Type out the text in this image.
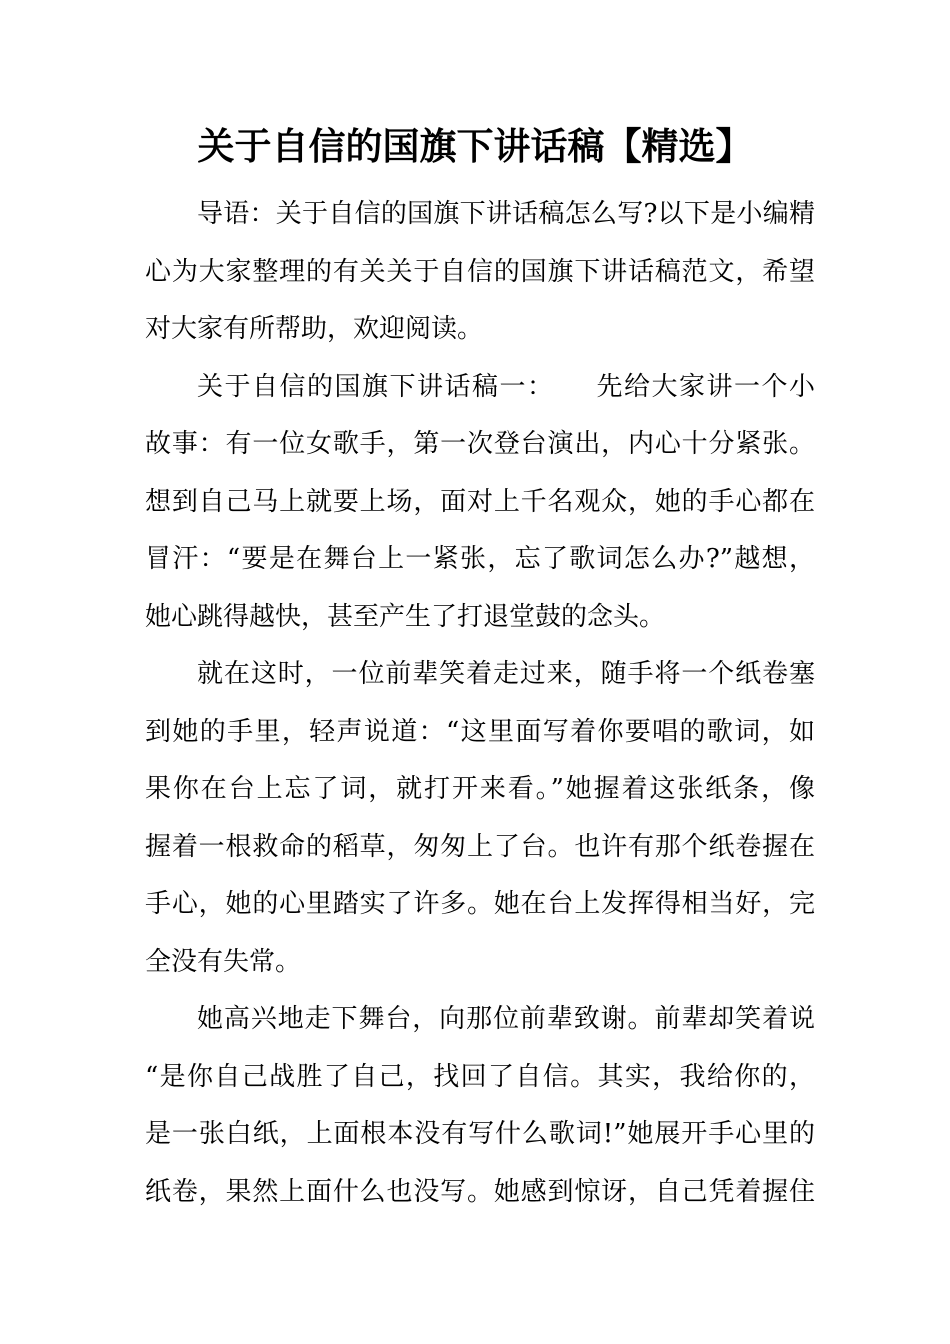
关于自信的国旗下讲话稿【精选】
导语：关于自信的国旗下讲话稿怎么写?以下是小编精
心为大家整理的有关关于自信的国旗下讲话稿范文，希望
对大家有所帮助，欢迎阅读。
关于自信的国旗下讲话稿一：　　先给大家讲一个小
故事：有一位女歌手，第一次登台演出，内心十分紧张。
想到自己马上就要上场，面对上千名观众，她的手心都在
冒汗：“要是在舞台上一紧张，忘了歌词怎么办?”越想，
她心跳得越快，甚至产生了打退堂鼓的念头。
就在这时，一位前辈笑着走过来，随手将一个纸卷塞
到她的手里，轻声说道：“这里面写着你要唱的歌词，如
果你在台上忘了词，就打开来看。”她握着这张纸条，像
握着一根救命的稻草，匆匆上了台。也许有那个纸卷握在
手心，她的心里踏实了许多。她在台上发挥得相当好，完
全没有失常。
她高兴地走下舞台，向那位前辈致谢。前辈却笑着说
“是你自己战胜了自己，找回了自信。其实，我给你的，
是一张白纸，上面根本没有写什么歌词!”她展开手心里的
纸卷，果然上面什么也没写。她感到惊讶，自己凭着握住
